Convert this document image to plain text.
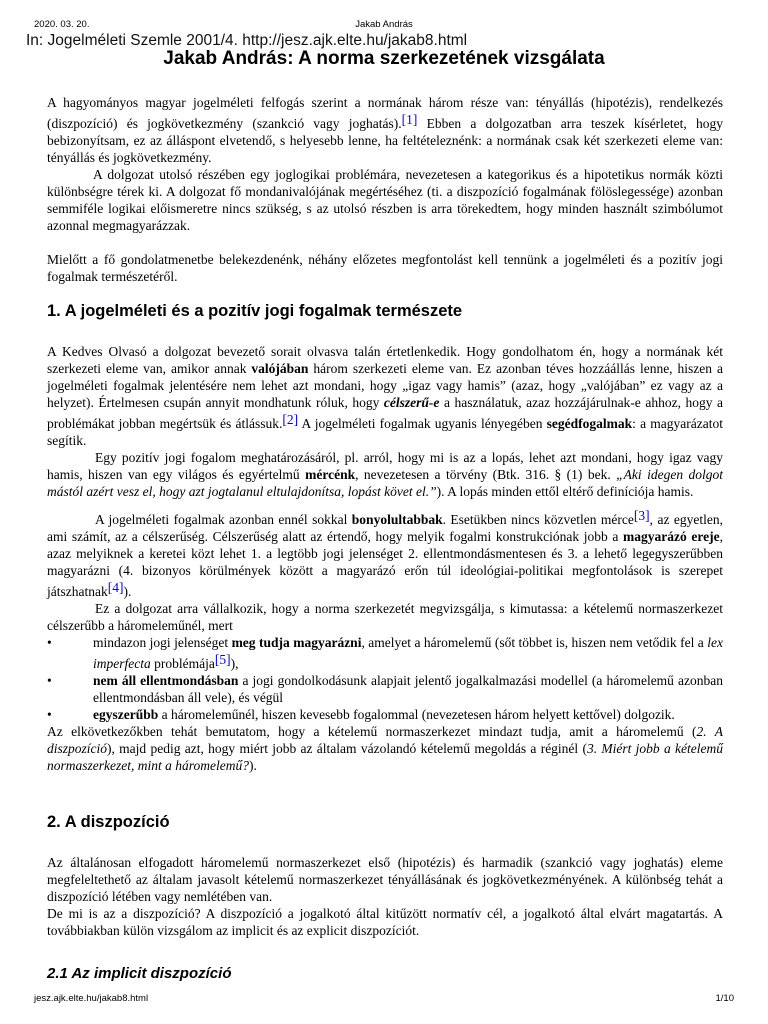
2020. 03. 20.	Jakab András
In: Jogelméleti Szemle 2001/4. http://jesz.ajk.elte.hu/jakab8.html
Jakab András: A norma szerkezetének vizsgálata

A hagyományos magyar jogelméleti felfogás szerint a normának három része van: tényállás (hipotézis), rendelkezés (diszpozíció) és jogkövetkezmény (szankció vagy joghatás).[1] Ebben a dolgozatban arra teszek kísérletet, hogy bebizonyítsam, ez az álláspont elvetendő, s helyesebb lenne, ha feltételeznénk: a normának csak két szerkezeti eleme van: tényállás és jogkövetkezmény.

A dolgozat utolsó részében egy joglogikai problémára, nevezetesen a kategorikus és a hipotetikus normák közti különbségre térek ki. A dolgozat fő mondanivalójának megértéséhez (ti. a diszpozíció fogalmának fölöslegessége) azonban semmiféle logikai előismeretre nincs szükség, s az utolsó részben is arra törekedtem, hogy minden használt szimbólumot azonnal megmagyarázzak.

Mielőtt a fő gondolatmenetbe belekezdenénk, néhány előzetes megfontolást kell tennünk a jogelméleti és a pozitív jogi fogalmak természetéről.

1. A jogelméleti és a pozitív jogi fogalmak természete

A Kedves Olvasó a dolgozat bevezető sorait olvasva talán értetlenkedik. Hogy gondolhatom én, hogy a normának két szerkezeti eleme van, amikor annak valójában három szerkezeti eleme van. Ez azonban téves hozzáállás lenne, hiszen a jogelméleti fogalmak jelentésére nem lehet azt mondani, hogy „igaz vagy hamis” (azaz, hogy „valójában” ez vagy az a helyzet). Értelmesen csupán annyit mondhatunk róluk, hogy célszerű-e a használatuk, azaz hozzájárulnak-e ahhoz, hogy a problémákat jobban megértsük és átlássuk.[2] A jogelméleti fogalmak ugyanis lényegében segédfogalmak: a magyarázatot segítik.

Egy pozitív jogi fogalom meghatározásáról, pl. arról, hogy mi is az a lopás, lehet azt mondani, hogy igaz vagy hamis, hiszen van egy világos és egyértelmű mércénk, nevezetesen a törvény (Btk. 316. § (1) bek. „Aki idegen dolgot mástól azért vesz el, hogy azt jogtalanul eltulajdonítsa, lopást követ el.”). A lopás minden ettől eltérő definíciója hamis.

A jogelméleti fogalmak azonban ennél sokkal bonyolultabbak. Esetükben nincs közvetlen mérce[3], az egyetlen, ami számít, az a célszerűség. Célszerűség alatt az értendő, hogy melyik fogalmi konstrukciónak jobb a magyarázó ereje, azaz melyiknek a keretei közt lehet 1. a legtöbb jogi jelenséget 2. ellentmondásmentesen és 3. a lehető legegyszerűbben magyarázni (4. bizonyos körülmények között a magyarázó erőn túl ideológiai-politikai megfontolások is szerepet játszhatnak[4]).

Ez a dolgozat arra vállalkozik, hogy a norma szerkezetét megvizsgálja, s kimutassa: a kételemű normaszerkezet célszerűbb a háromeleműnél, mert

•	mindazon jogi jelenséget meg tudja magyarázni, amelyet a háromelemű (sőt többet is, hiszen nem vetődik fel a lex imperfecta problémája[5]),
•	nem áll ellentmondásban a jogi gondolkodásunk alapjait jelentő jogalkalmazási modellel (a háromelemű azonban ellentmondásban áll vele), és végül
•	egyszerűbb a háromeleműnél, hiszen kevesebb fogalommal (nevezetesen három helyett kettővel) dolgozik.

Az elkövetkezőkben tehát bemutatom, hogy a kételemű normaszerkezet mindazt tudja, amit a háromelemű (2. A diszpozíció), majd pedig azt, hogy miért jobb az általam vázolandó kételemű megoldás a réginél (3. Miért jobb a kételemű normaszerkezet, mint a háromelemű?).

2. A diszpozíció

Az általánosan elfogadott háromelemű normaszerkezet első (hipotézis) és harmadik (szankció vagy joghatás) eleme megfeleltethető az általam javasolt kételemű normaszerkezet tényállásának és jogkövetkezményének. A különbség tehát a diszpozíció létében vagy nemlétében van.

De mi is az a diszpozíció? A diszpozíció a jogalkotó által kitűzött normatív cél, a jogalkotó által elvárt magatartás. A továbbiakban külön vizsgálom az implicit és az explicit diszpozíciót.

2.1 Az implicit diszpozíció
jesz.ajk.elte.hu/jakab8.html	1/10
